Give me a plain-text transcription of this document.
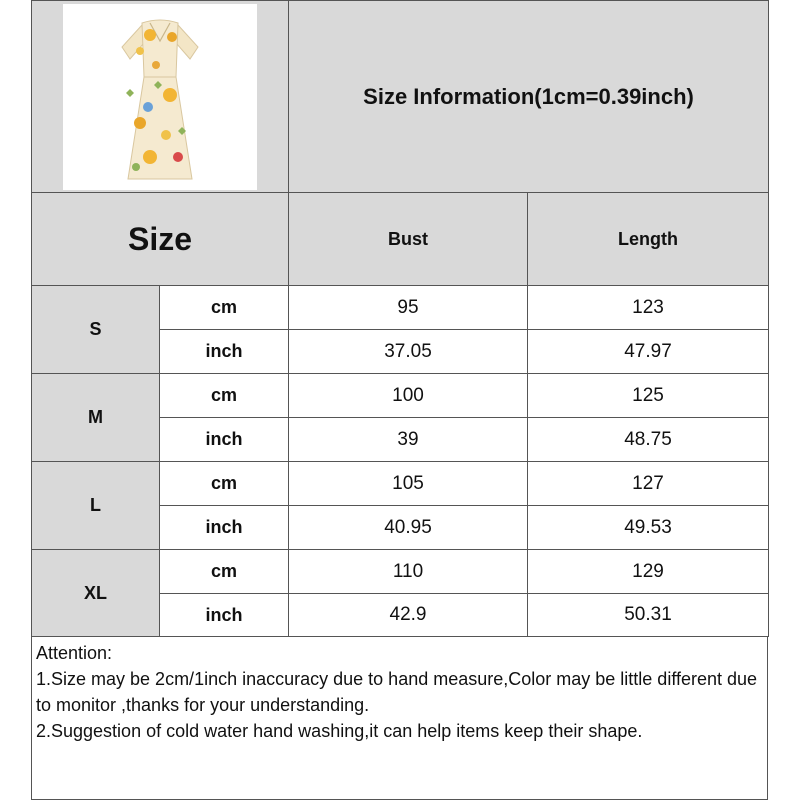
	Size Information(1cm=0.39inch)	
Size		Bust	Length
S	cm	95	123
	inch	37.05	47.97
M	cm	100	125
	inch	39	48.75
L	cm	105	127
	inch	40.95	49.53
XL	cm	110	129
	inch	42.9	50.31
Attention:
1.Size may be 2cm/1inch inaccuracy due to hand measure,Color may be little different due to monitor ,thanks for your understanding.
2.Suggestion of cold water hand washing,it can help items keep their shape.
